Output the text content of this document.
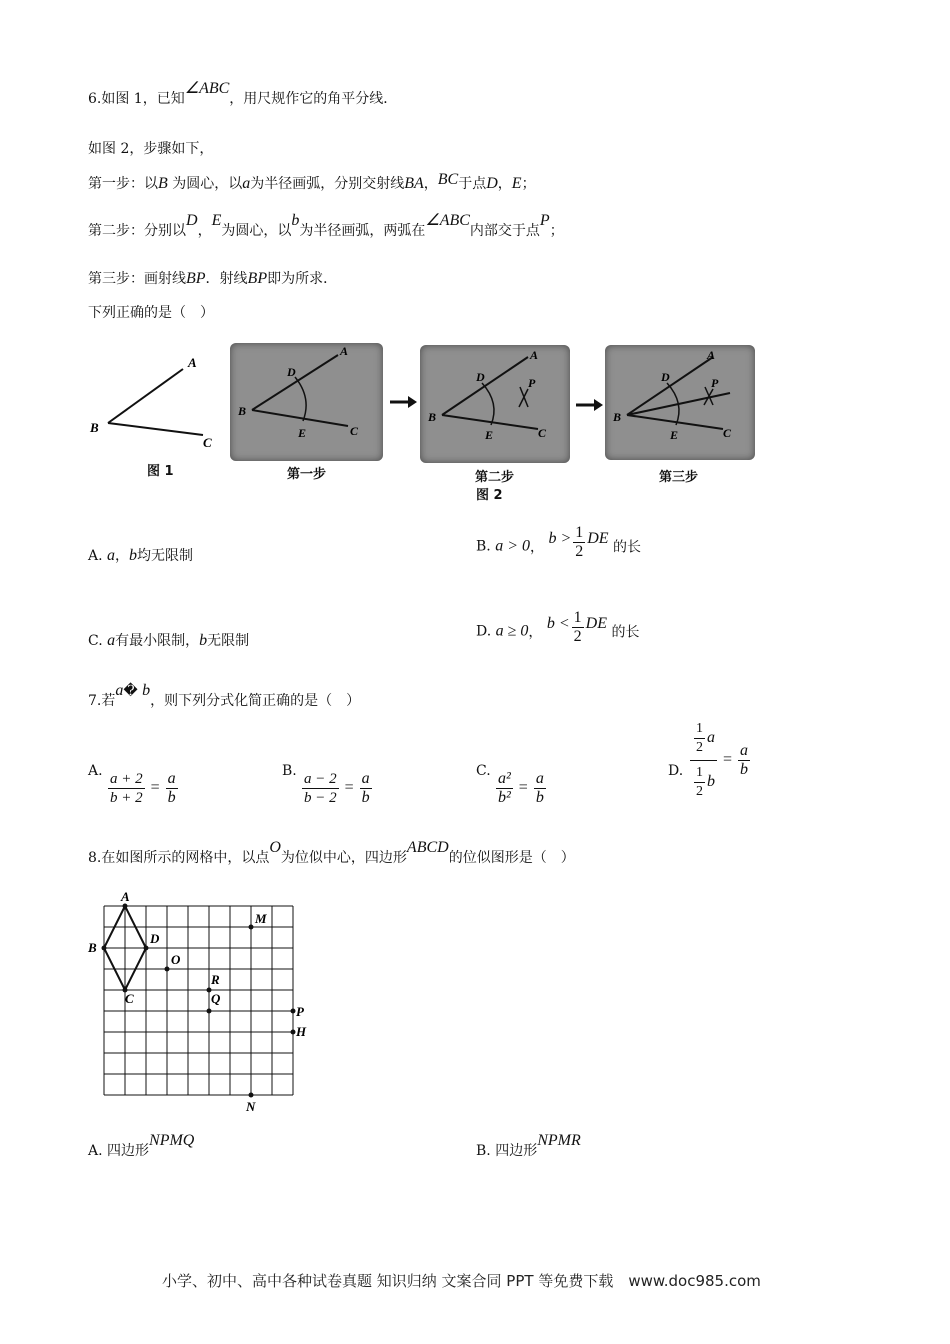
6.如图 1，已知∠ABC，用尺规作它的角平分线．
如图 2，步骤如下，
第一步：以B 为圆心，以a为半径画弧，分别交射线BA，BC于点D，E；
第二步：分别以D，E为圆心，以b为半径画弧，两弧在∠ABC内部交于点P；
第三步：画射线BP．射线BP即为所求．
下列正确的是（　）
A
B
C
图 1
A
B
C
D
E
第一步
A
B
C
D
E
P
第二步
图 2
A
B
C
D
E
P
第三步
A. a，b均无限制
B. a > 0， $b > \frac{1}{2}$ DE 的长
C. a有最小限制，b无限制
D. a ≥ 0， $b < \frac{1}{2}$ DE 的长
7.若a� b，则下列分式化简正确的是（　）
A. $\frac{a + 2}{b + 2} = \frac{a}{b}$	B. $\frac{a - 2}{b - 2} = \frac{a}{b}$	C. $\frac{\text{a²}}{\text{b²}} = \frac{a}{b}$	D. $\frac{\frac{1}{2} a}{\frac{1}{2} b} = \frac{a}{b}$
8.在如图所示的网格中，以点O为位似中心，四边形ABCD的位似图形是（　）
A
B
C
D
O
M
R
Q
P
H
N
A. 四边形NPMQ
B. 四边形NPMR
小学、初中、高中各种试卷真题 知识归纳 文案合同 PPT 等免费下载　www.doc985.com
